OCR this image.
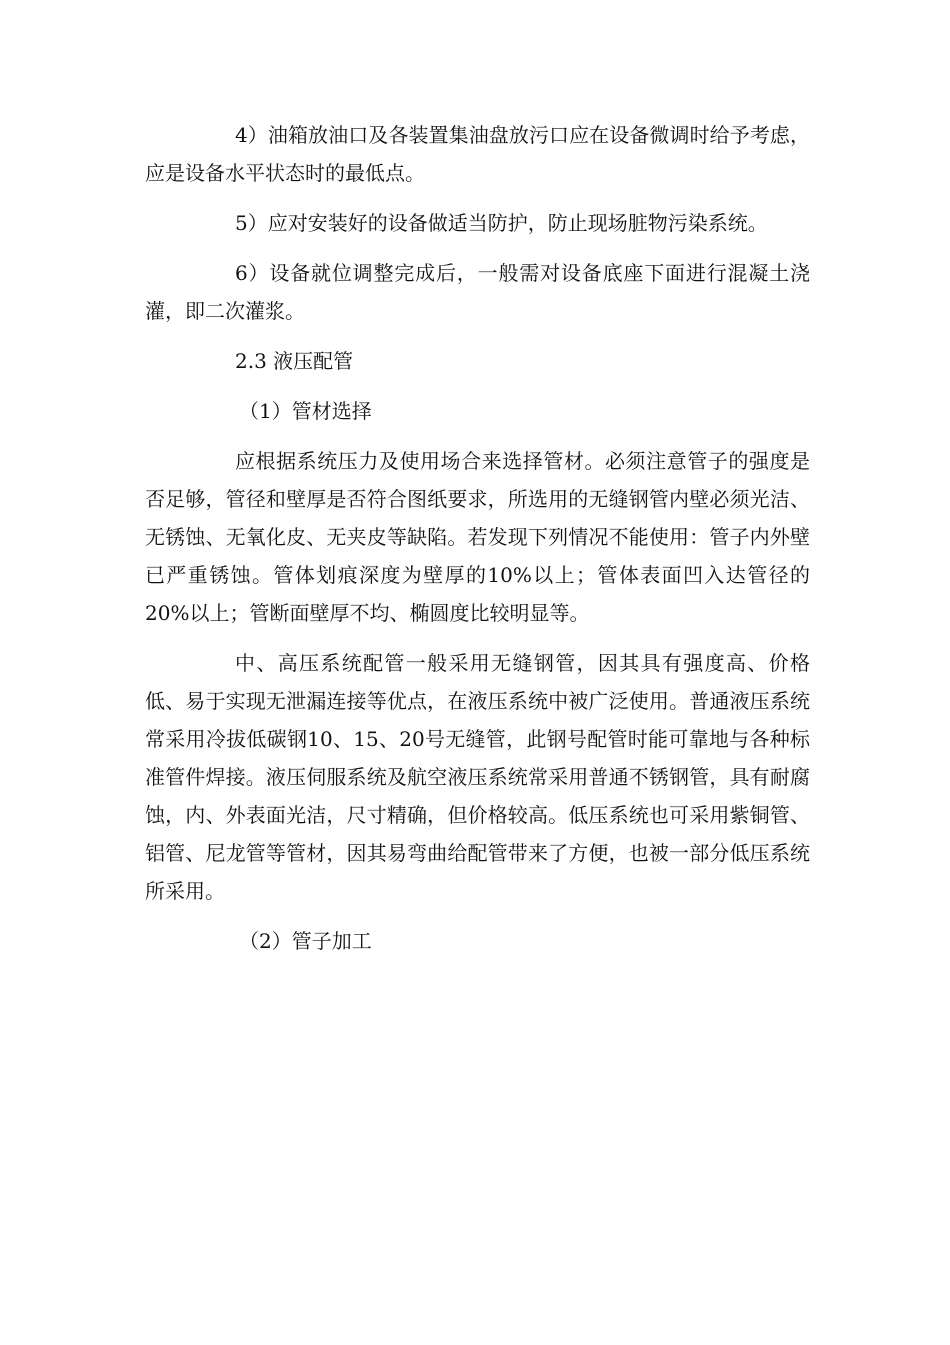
4）油箱放油口及各装置集油盘放污口应在设备微调时给予考虑，应是设备水平状态时的最低点。

5）应对安装好的设备做适当防护，防止现场脏物污染系统。

6）设备就位调整完成后，一般需对设备底座下面进行混凝土浇灌，即二次灌浆。

2.3 液压配管

（1）管材选择

应根据系统压力及使用场合来选择管材。必须注意管子的强度是否足够，管径和壁厚是否符合图纸要求，所选用的无缝钢管内壁必须光洁、无锈蚀、无氧化皮、无夹皮等缺陷。若发现下列情况不能使用：管子内外壁已严重锈蚀。管体划痕深度为壁厚的10%以上；管体表面凹入达管径的20%以上；管断面壁厚不均、椭圆度比较明显等。

中、高压系统配管一般采用无缝钢管，因其具有强度高、价格低、易于实现无泄漏连接等优点，在液压系统中被广泛使用。普通液压系统常采用冷拔低碳钢10、15、20号无缝管，此钢号配管时能可靠地与各种标准管件焊接。液压伺服系统及航空液压系统常采用普通不锈钢管，具有耐腐蚀，内、外表面光洁，尺寸精确，但价格较高。低压系统也可采用紫铜管、铝管、尼龙管等管材，因其易弯曲给配管带来了方便，也被一部分低压系统所采用。

（2）管子加工
